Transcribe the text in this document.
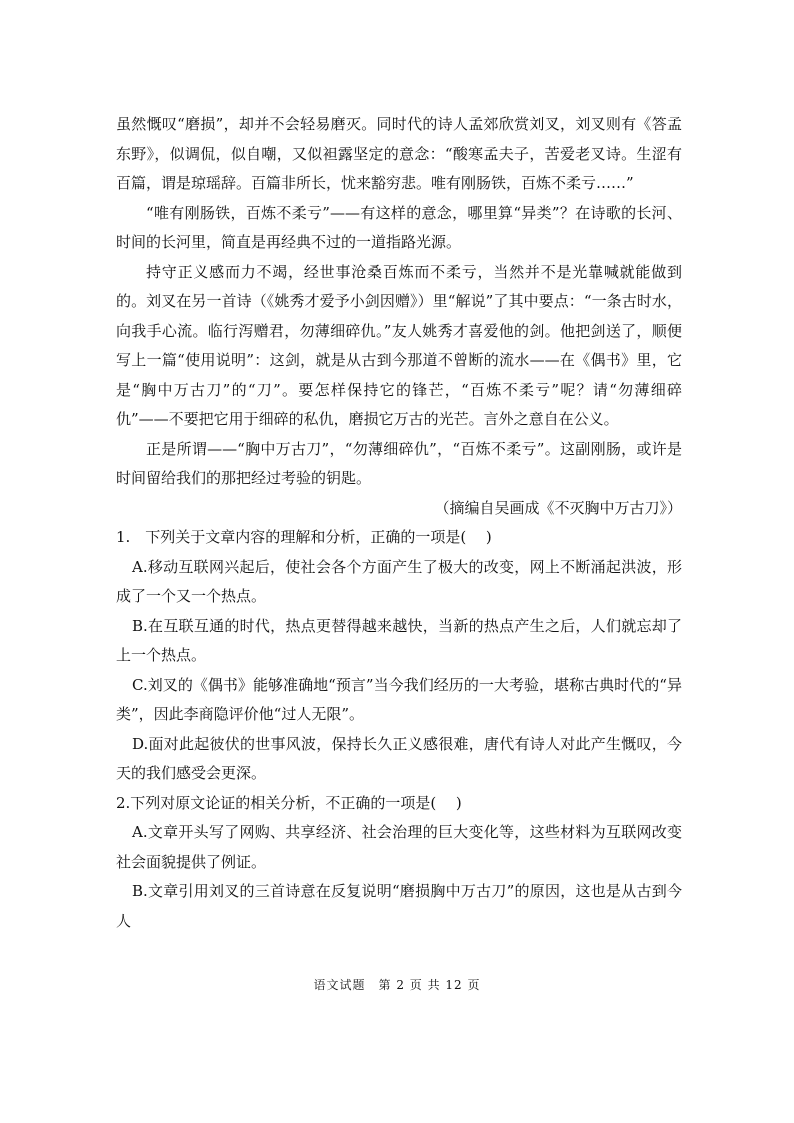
虽然慨叹“磨损”，却并不会轻易磨灭。同时代的诗人孟郊欣赏刘叉，刘叉则有《答孟东野》，似调侃，似自嘲，又似袒露坚定的意念：“酸寒孟夫子，苦爱老叉诗。生涩有百篇，谓是琼瑶辞。百篇非所长，忧来豁穷悲。唯有刚肠铁，百炼不柔亏……”

“唯有刚肠铁，百炼不柔亏”——有这样的意念，哪里算“异类”？在诗歌的长河、时间的长河里，简直是再经典不过的一道指路光源。

持守正义感而力不竭，经世事沧桑百炼而不柔亏，当然并不是光靠喊就能做到的。刘叉在另一首诗（《姚秀才爱予小剑因赠》）里“解说”了其中要点：“一条古时水，向我手心流。临行泻赠君，勿薄细碎仇。”友人姚秀才喜爱他的剑。他把剑送了，顺便写上一篇“使用说明”：这剑，就是从古到今那道不曾断的流水——在《偶书》里，它是“胸中万古刀”的“刀”。要怎样保持它的锋芒，“百炼不柔亏”呢？请“勿薄细碎仇”——不要把它用于细碎的私仇，磨损它万古的光芒。言外之意自在公义。

正是所谓——“胸中万古刀”，“勿薄细碎仇”，“百炼不柔亏”。这副刚肠，或许是时间留给我们的那把经过考验的钥匙。

（摘编自吴画成《不灭胸中万古刀》）

1.　下列关于文章内容的理解和分析，正确的一项是(　 )

A.移动互联网兴起后，使社会各个方面产生了极大的改变，网上不断涌起洪波，形成了一个又一个热点。

B.在互联互通的时代，热点更替得越来越快，当新的热点产生之后，人们就忘却了上一个热点。

C.刘叉的《偶书》能够准确地“预言”当今我们经历的一大考验，堪称古典时代的“异类”，因此李商隐评价他“过人无限”。

D.面对此起彼伏的世事风波，保持长久正义感很难，唐代有诗人对此产生慨叹，今天的我们感受会更深。

2.下列对原文论证的相关分析，不正确的一项是(　 )

A.文章开头写了网购、共享经济、社会治理的巨大变化等，这些材料为互联网改变社会面貌提供了例证。

B.文章引用刘叉的三首诗意在反复说明“磨损胸中万古刀”的原因，这也是从古到今人

语文试题　第 2 页 共 12 页
